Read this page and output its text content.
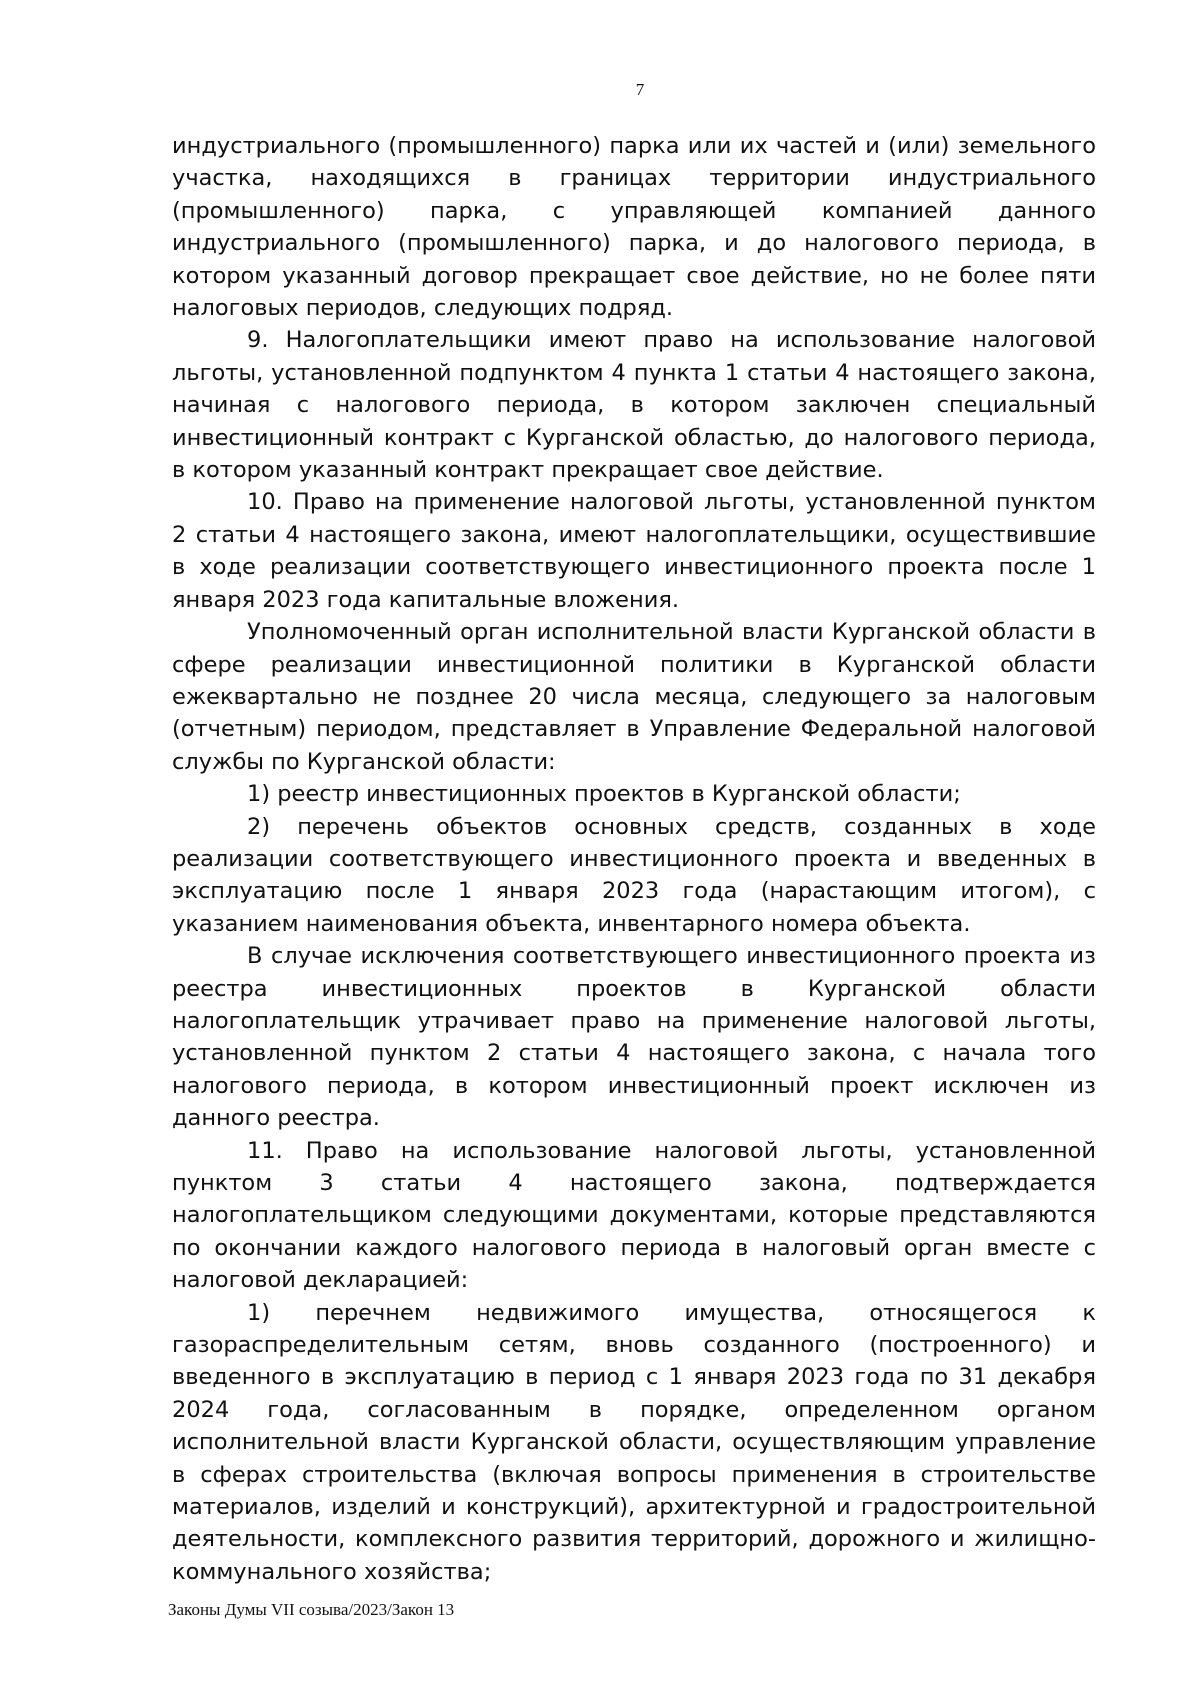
7

индустриального (промышленного) парка или их частей и (или) земельного участка, находящихся в границах территории индустриального (промышленного) парка, с управляющей компанией данного индустриального (промышленного) парка, и до налогового периода, в котором указанный договор прекращает свое действие, но не более пяти налоговых периодов, следующих подряд.

9. Налогоплательщики имеют право на использование налоговой льготы, установленной подпунктом 4 пункта 1 статьи 4 настоящего закона, начиная с налогового периода, в котором заключен специальный инвестиционный контракт с Курганской областью, до налогового периода, в котором указанный контракт прекращает свое действие.

10. Право на применение налоговой льготы, установленной пунктом 2 статьи 4 настоящего закона, имеют налогоплательщики, осуществившие в ходе реализации соответствующего инвестиционного проекта после 1 января 2023 года капитальные вложения.

Уполномоченный орган исполнительной власти Курганской области в сфере реализации инвестиционной политики в Курганской области ежеквартально не позднее 20 числа месяца, следующего за налоговым (отчетным) периодом, представляет в Управление Федеральной налоговой службы по Курганской области:

1) реестр инвестиционных проектов в Курганской области;

2) перечень объектов основных средств, созданных в ходе реализации соответствующего инвестиционного проекта и введенных в эксплуатацию после 1 января 2023 года (нарастающим итогом), с указанием наименования объекта, инвентарного номера объекта.

В случае исключения соответствующего инвестиционного проекта из реестра инвестиционных проектов в Курганской области налогоплательщик утрачивает право на применение налоговой льготы, установленной пунктом 2 статьи 4 настоящего закона, с начала того налогового периода, в котором инвестиционный проект исключен из данного реестра.

11. Право на использование налоговой льготы, установленной пунктом 3 статьи 4 настоящего закона, подтверждается налогоплательщиком следующими документами, которые представляются по окончании каждого налогового периода в налоговый орган вместе с налоговой декларацией:

1) перечнем недвижимого имущества, относящегося к газораспределительным сетям, вновь созданного (построенного) и введенного в эксплуатацию в период с 1 января 2023 года по 31 декабря 2024 года, согласованным в порядке, определенном органом исполнительной власти Курганской области, осуществляющим управление в сферах строительства (включая вопросы применения в строительстве материалов, изделий и конструкций), архитектурной и градостроительной деятельности, комплексного развития территорий, дорожного и жилищно-коммунального хозяйства;

Законы Думы VII созыва/2023/Закон 13
